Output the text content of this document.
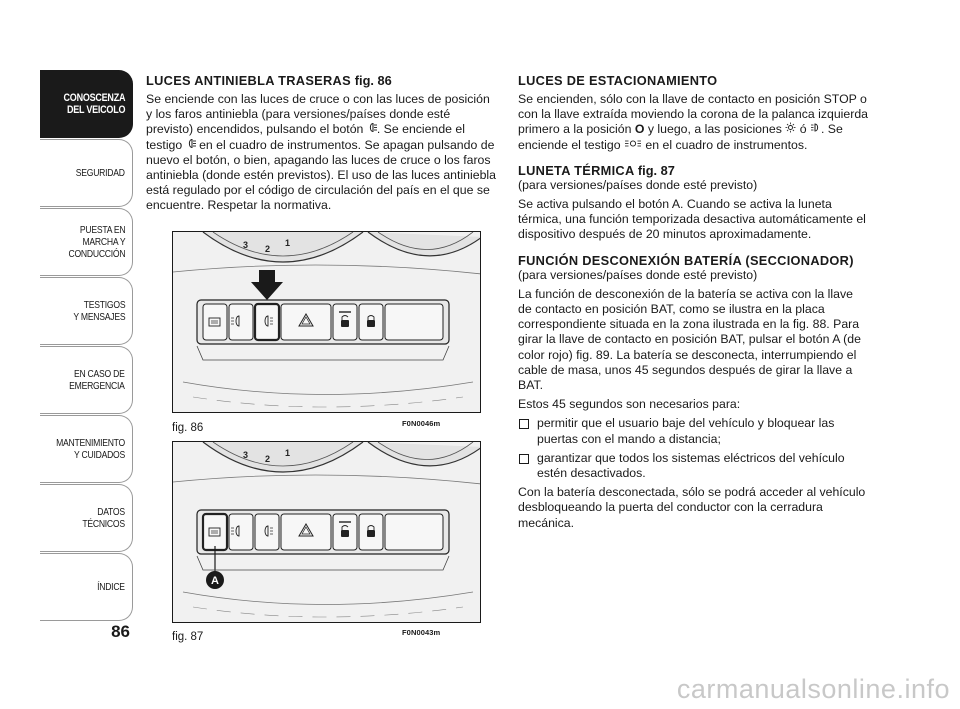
CONOSCENZA
DEL VEICOLO
SEGURIDAD
PUESTA EN
MARCHA Y
CONDUCCIÓN
TESTIGOS
Y MENSAJES
EN CASO DE
EMERGENCIA
MANTENIMIENTO
Y CUIDADOS
DATOS
TÉCNICOS
ÍNDICE
86
LUCES ANTINIEBLA TRASERAS fig. 86

Se enciende con las luces de cruce o con las luces de posición y los faros antiniebla (para versiones/países donde esté previsto) encendidos, pulsando el botón . Se enciende el testigo  en el cuadro de instrumentos. Se apagan pulsando de nuevo el botón, o bien, apagando las luces de cruce o los faros antiniebla (donde estén previstos). El uso de las luces antiniebla está regulado por el código de circulación del país en el que se encuentre. Respetar la normativa.

3 2
1
fig. 86	F0N0046m
3 2
1
A
fig. 87	F0N0043m
LUCES DE ESTACIONAMIENTO

Se encienden, sólo con la llave de contacto en posición STOP o con la llave extraída moviendo la corona de la palanca izquierda primero a la posición O y luego, a las posiciones  ó . Se enciende el testigo  en el cuadro de instrumentos.

LUNETA TÉRMICA fig. 87

(para versiones/países donde esté previsto)

Se activa pulsando el botón A. Cuando se activa la luneta térmica, una función temporizada desactiva automáticamente el dispositivo después de 20 minutos aproximadamente.

FUNCIÓN DESCONEXIÓN BATERÍA (SECCIONADOR)

(para versiones/países donde esté previsto)

La función de desconexión de la batería se activa con la llave de contacto en posición BAT, como se ilustra en la placa correspondiente situada en la zona ilustrada en la fig. 88. Para girar la llave de contacto en posición BAT, pulsar el botón A (de color rojo) fig. 89. La batería se desconecta, interrumpiendo el cable de masa, unos 45 segundos después de girar la llave a BAT.

Estos 45 segundos son necesarios para:

permitir que el usuario baje del vehículo y bloquear las puertas con el mando a distancia;
garantizar que todos los sistemas eléctricos del vehículo estén desactivados.

Con la batería desconectada, sólo se podrá acceder al vehículo desbloqueando la puerta del conductor con la cerradura mecánica.

carmanualsonline.info
